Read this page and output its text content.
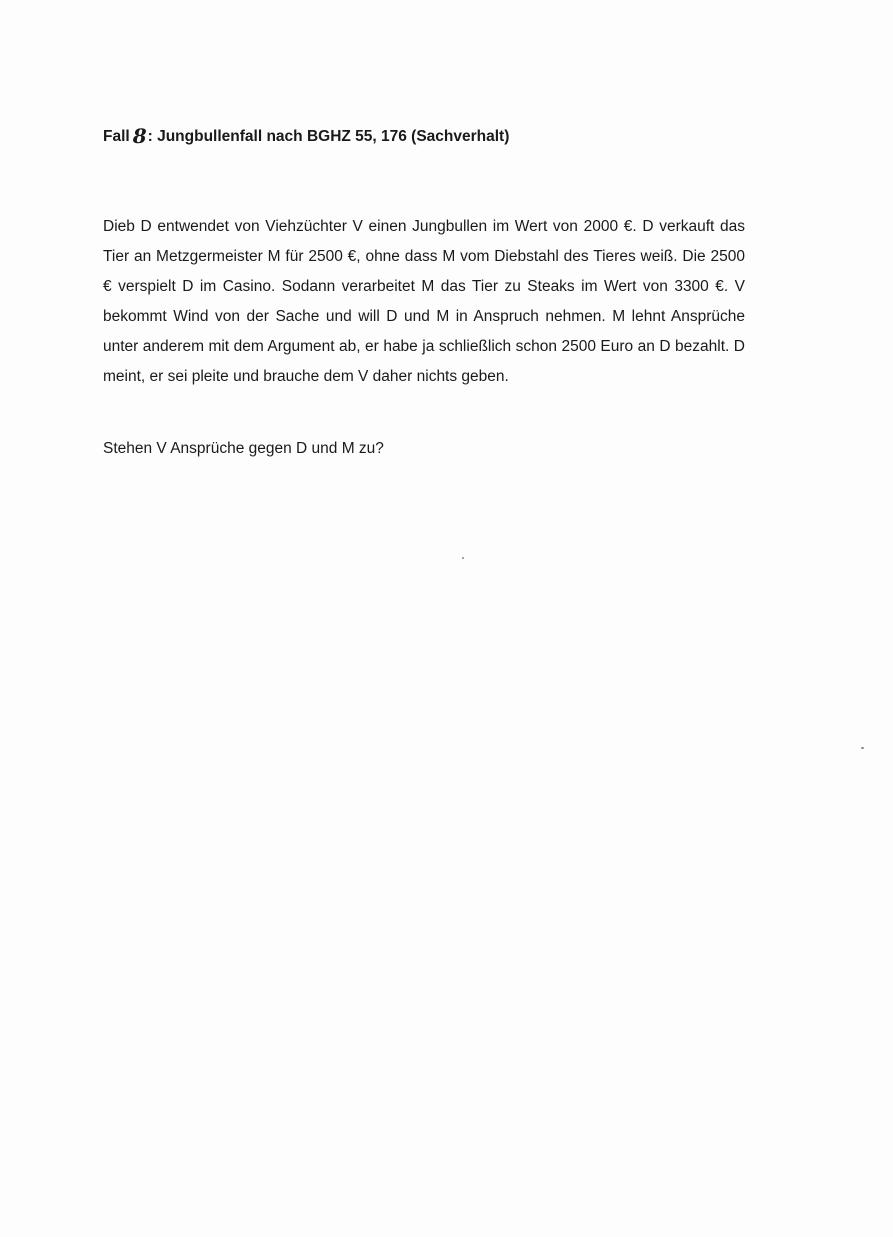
Fall 8: Jungbullenfall nach BGHZ 55, 176 (Sachverhalt)
Dieb D entwendet von Viehzüchter V einen Jungbullen im Wert von 2000 €. D verkauft das Tier an Metzgermeister M für 2500 €, ohne dass M vom Diebstahl des Tieres weiß. Die 2500 € verspielt D im Casino. Sodann verarbeitet M das Tier zu Steaks im Wert von 3300 €. V bekommt Wind von der Sache und will D und M in Anspruch nehmen. M lehnt Ansprüche unter anderem mit dem Argument ab, er habe ja schließlich schon 2500 Euro an D bezahlt. D meint, er sei pleite und brauche dem V daher nichts geben.
Stehen V Ansprüche gegen D und M zu?
